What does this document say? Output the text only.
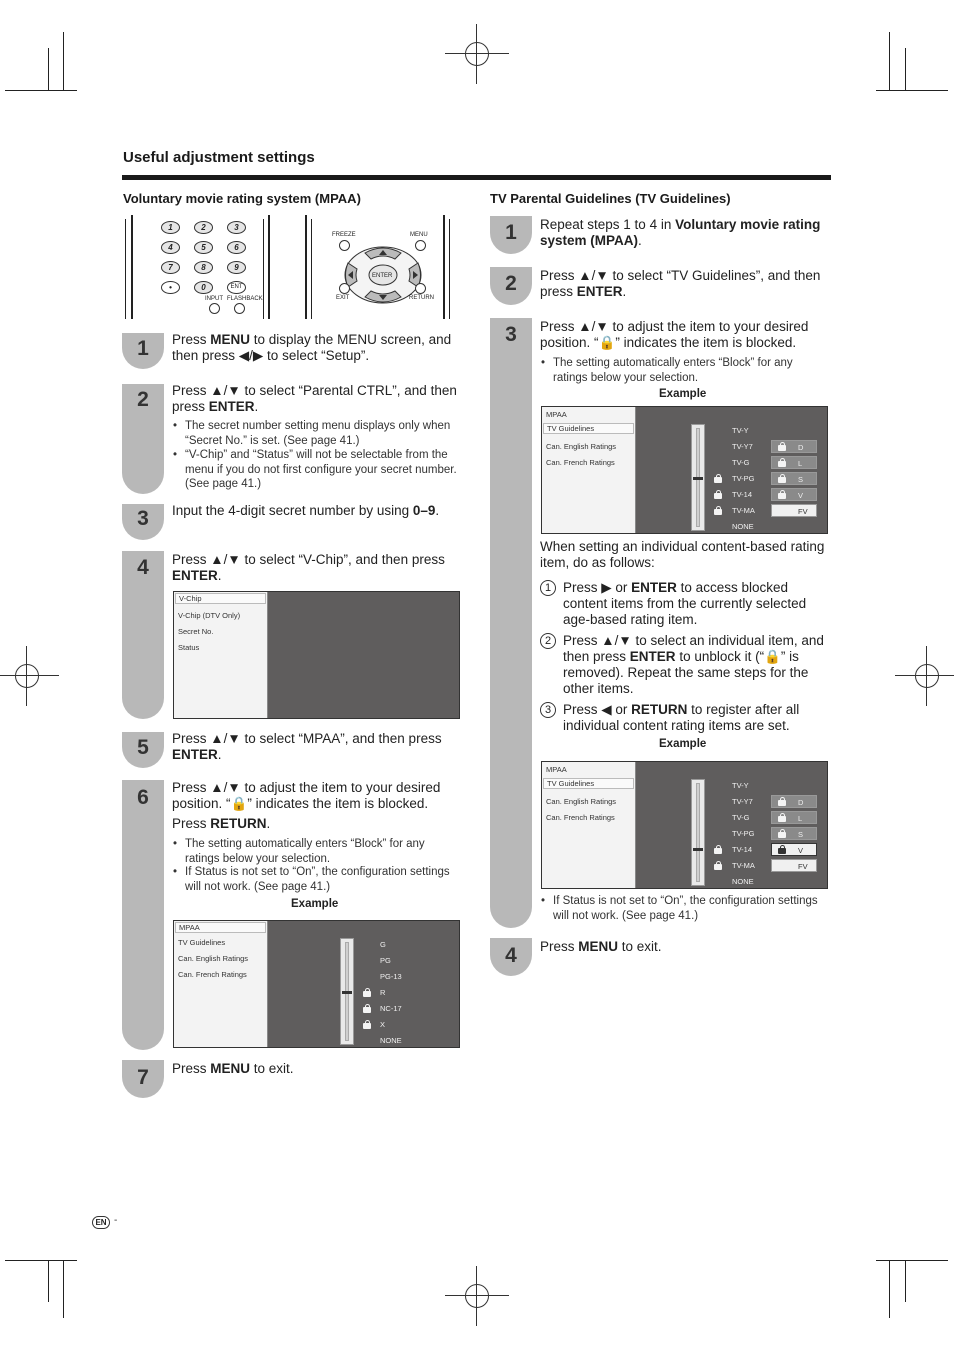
Useful adjustment settings
Voluntary movie rating system (MPAA)	TV Parental Guidelines (TV Guidelines)
1	2	3
4	5	6
7	8	9
•	0	ENT
INPUT FLASHBACK
FREEZE	MENU
ENTER
EXIT	RETURN
1
2
3
4
5
6
7
Press MENU to display the MENU screen, and then press ◀/▶ to select “Setup”.
Press ▲/▼ to select “Parental CTRL”, and then press ENTER.
• The secret number setting menu displays only when “Secret No.” is set. (See page 41.)
• “V-Chip” and “Status” will not be selectable from the menu if you do not first configure your secret number. (See page 41.)
Input the 4-digit secret number by using 0–9.
Press ▲/▼ to select “V-Chip”, and then press ENTER.
V-Chip
V-Chip (DTV Only)
Secret No.
Status
Press ▲/▼ to select “MPAA”, and then press ENTER.
Press ▲/▼ to adjust the item to your desired position. “🔒” indicates the item is blocked.
Press RETURN.
• The setting automatically enters “Block” for any ratings below your selection.
• If Status is not set to “On”, the configuration settings will not work. (See page 41.)
Example
MPAA
TV Guidelines
Can. English Ratings
Can. French Ratings
G
PG
PG-13
R
NC-17
X
NONE
Press MENU to exit.
1
2
3
4
Repeat steps 1 to 4 in Voluntary movie rating system (MPAA).
Press ▲/▼ to select “TV Guidelines”, and then press ENTER.
Press ▲/▼ to adjust the item to your desired position. “🔒” indicates the item is blocked.
• The setting automatically enters “Block” for any ratings below your selection.
Example
MPAA
TV Guidelines
Can. English Ratings
Can. French Ratings
TV-Y
TV-Y7
TV-G
TV-PG
TV-14
TV-MA
NONE
D
L
S
V
FV
When setting an individual content-based rating item, do as follows:
1 Press ▶ or ENTER to access blocked content items from the currently selected age-based rating item.
2 Press ▲/▼ to select an individual item, and then press ENTER to unblock it (“🔒” is removed). Repeat the same steps for the other items.
3 Press ◀ or RETURN to register after all individual content rating items are set.
Example
MPAA
TV Guidelines
Can. English Ratings
Can. French Ratings
TV-Y
TV-Y7
TV-G
TV-PG
TV-14
TV-MA
NONE
D
L
S
V
FV
• If Status is not set to “On”, the configuration settings will not work. (See page 41.)
Press MENU to exit.
EN -
